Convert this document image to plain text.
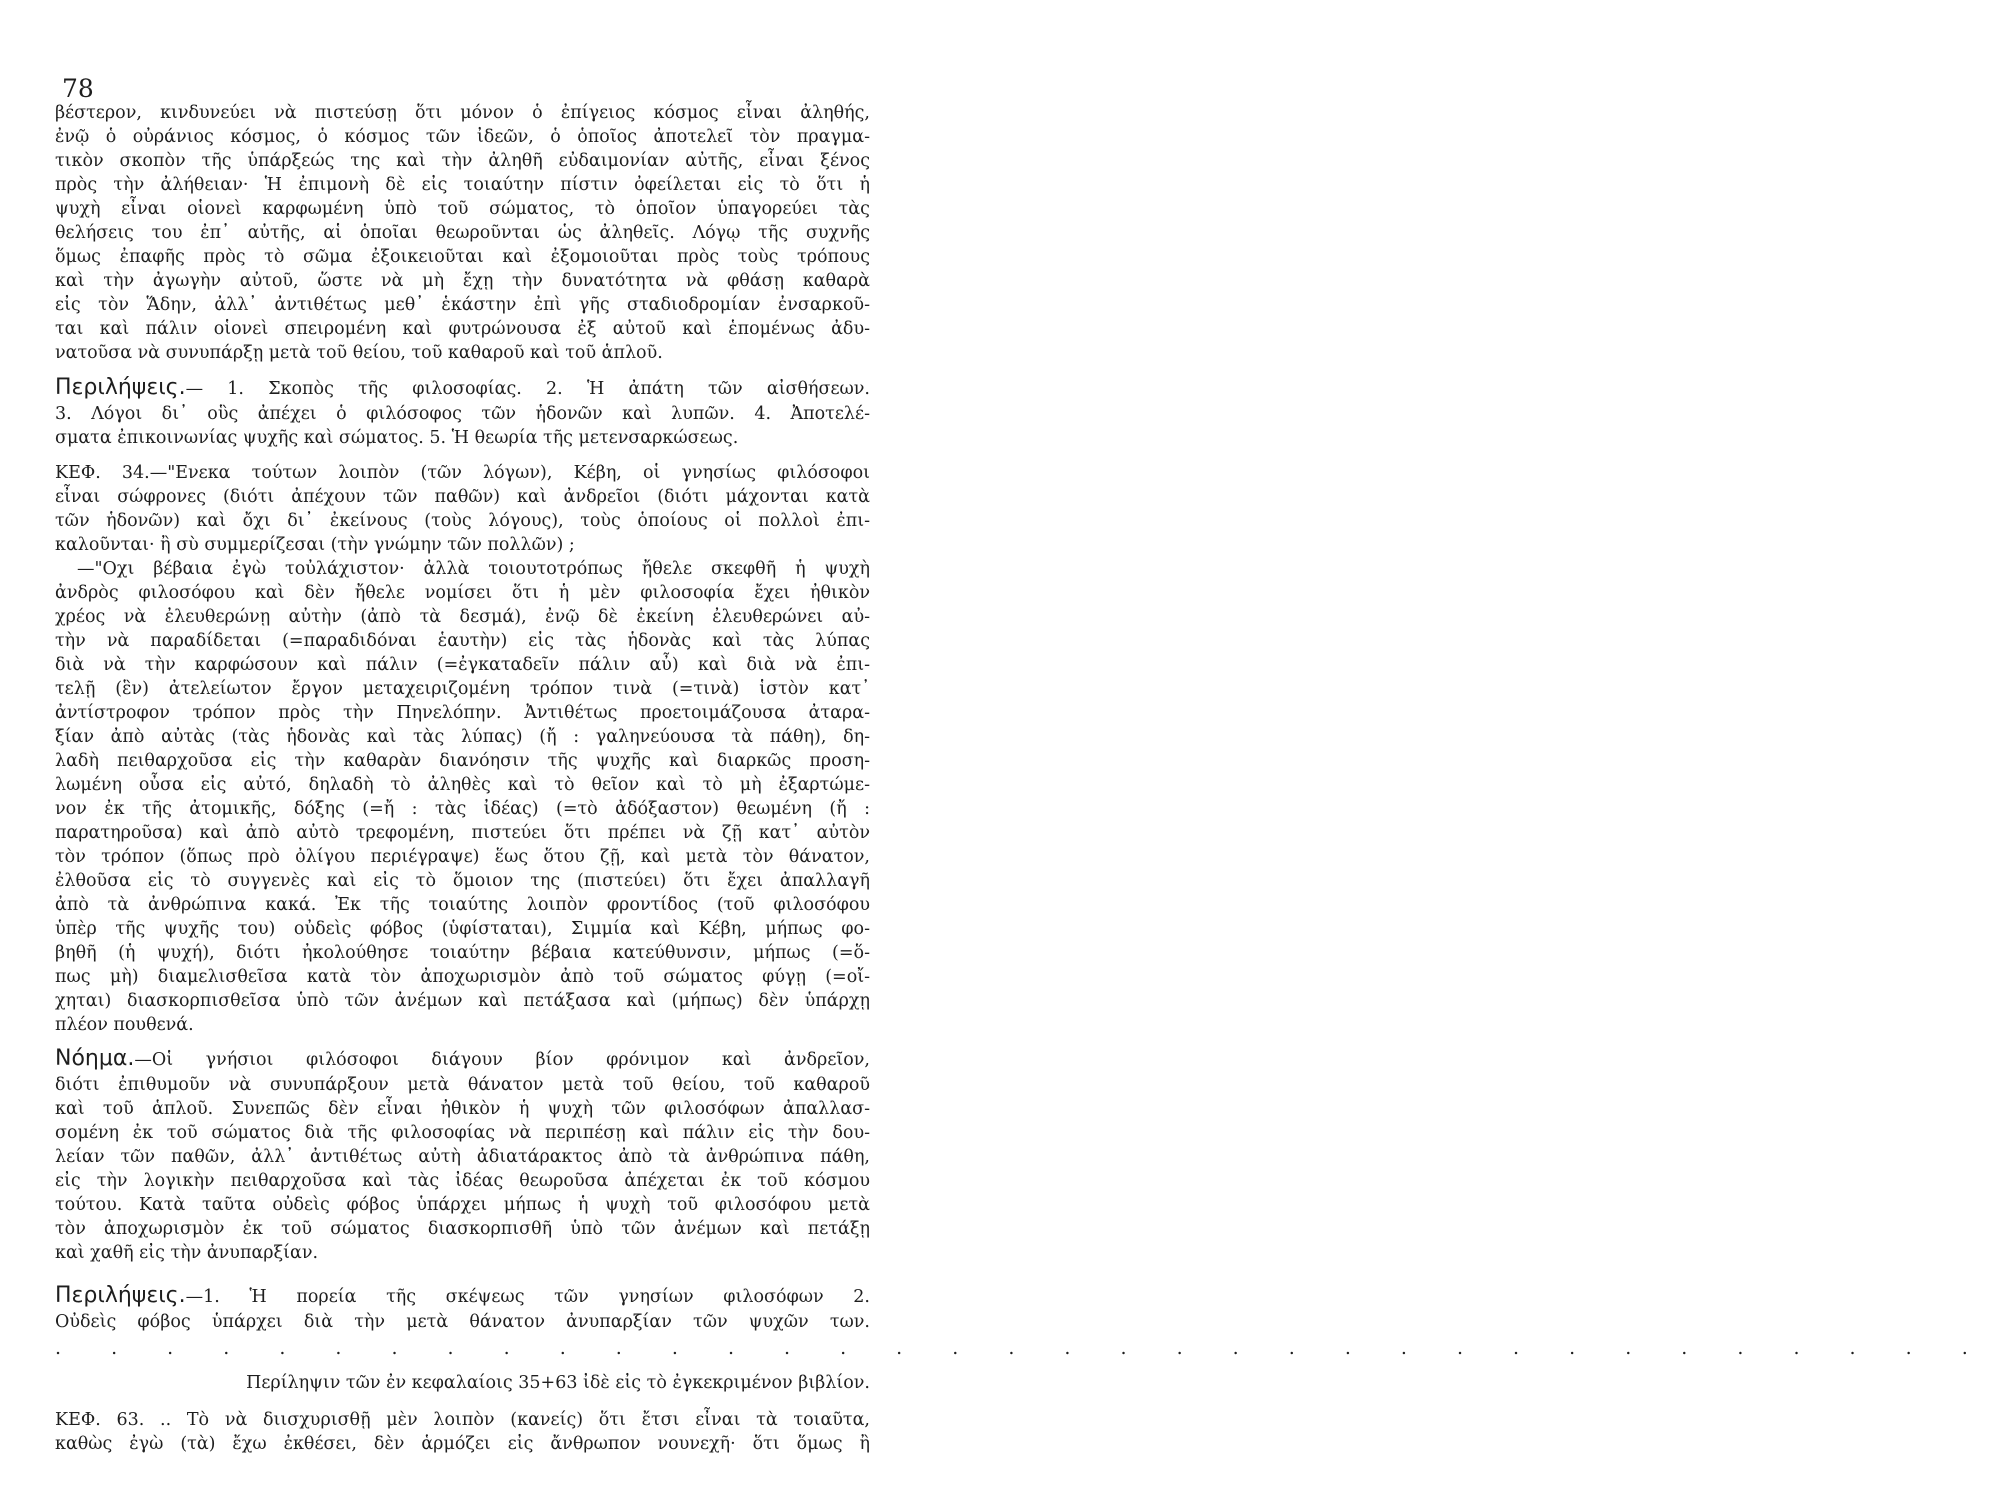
78
βέστερον, κινδυνεύει νὰ πιστεύσῃ ὅτι μόνον ὁ ἐπίγειος κόσμος εἶναι ἀληθής,
ἐνῷ ὁ οὐράνιος κόσμος, ὁ κόσμος τῶν ἰδεῶν, ὁ ὁποῖος ἀποτελεῖ τὸν πραγμα-
τικὸν σκοπὸν τῆς ὑπάρξεώς της καὶ τὴν ἀληθῆ εὐδαιμονίαν αὐτῆς, εἶναι ξένος
πρὸς τὴν ἀλήθειαν· Ἡ ἐπιμονὴ δὲ εἰς τοιαύτην πίστιν ὀφείλεται εἰς τὸ ὅτι ἡ
ψυχὴ εἶναι οἱονεὶ καρφωμένη ὑπὸ τοῦ σώματος, τὸ ὁποῖον ὑπαγορεύει τὰς
θελήσεις του ἐπ᾽ αὐτῆς, αἱ ὁποῖαι θεωροῦνται ὡς ἀληθεῖς. Λόγῳ τῆς συχνῆς
ὅμως ἐπαφῆς πρὸς τὸ σῶμα ἐξοικειοῦται καὶ ἐξομοιοῦται πρὸς τοὺς τρόπους
καὶ τὴν ἀγωγὴν αὐτοῦ, ὥστε νὰ μὴ ἔχῃ τὴν δυνατότητα νὰ φθάσῃ καθαρὰ
εἰς τὸν Ἅδην, ἀλλ᾽ ἀντιθέτως μεθ᾽ ἑκάστην ἐπὶ γῆς σταδιοδρομίαν ἐνσαρκοῦ-
ται καὶ πάλιν οἱονεὶ σπειρομένη καὶ φυτρώνουσα ἐξ αὐτοῦ καὶ ἑπομένως ἀδυ-
νατοῦσα νὰ συνυπάρξῃ μετὰ τοῦ θείου, τοῦ καθαροῦ καὶ τοῦ ἁπλοῦ.
Περιλήψεις.— 1. Σκοπὸς τῆς φιλοσοφίας. 2. Ἡ ἀπάτη τῶν αἰσθήσεων.
3. Λόγοι δι᾽ οὓς ἀπέχει ὁ φιλόσοφος τῶν ἡδονῶν καὶ λυπῶν. 4. Ἀποτελέ-
σματα ἐπικοινωνίας ψυχῆς καὶ σώματος. 5. Ἡ θεωρία τῆς μετενσαρκώσεως.
ΚΕΦ. 34.—"Ενεκα τούτων λοιπὸν (τῶν λόγων), Κέβη, οἱ γνησίως φιλόσοφοι
εἶναι σώφρονες (διότι ἀπέχουν τῶν παθῶν) καὶ ἀνδρεῖοι (διότι μάχονται κατὰ
τῶν ἡδονῶν) καὶ ὄχι δι᾽ ἐκείνους (τοὺς λόγους), τοὺς ὁποίους οἱ πολλοὶ ἐπι-
καλοῦνται· ἢ σὺ συμμερίζεσαι (τὴν γνώμην τῶν πολλῶν) ;
—"Οχι βέβαια ἐγὼ τοὐλάχιστον· ἀλλὰ τοιουτοτρόπως ἤθελε σκεφθῆ ἡ ψυχὴ
ἀνδρὸς φιλοσόφου καὶ δὲν ἤθελε νομίσει ὅτι ἡ μὲν φιλοσοφία ἔχει ἠθικὸν
χρέος νὰ ἐλευθερώνῃ αὐτὴν (ἀπὸ τὰ δεσμά), ἐνῷ δὲ ἐκείνη ἐλευθερώνει αὐ-
τὴν νὰ παραδίδεται (=παραδιδόναι ἑαυτὴν) εἰς τὰς ἡδονὰς καὶ τὰς λύπας
διὰ νὰ τὴν καρφώσουν καὶ πάλιν (=ἐγκαταδεῖν πάλιν αὖ) καὶ διὰ νὰ ἐπι-
τελῇ (ἓν) ἀτελείωτον ἔργον μεταχειριζομένη τρόπον τινὰ (=τινὰ) ἱστὸν κατ᾽
ἀντίστροφον τρόπον πρὸς τὴν Πηνελόπην. Ἀντιθέτως προετοιμάζουσα ἀταρα-
ξίαν ἀπὸ αὐτὰς (τὰς ἡδονὰς καὶ τὰς λύπας) (ἤ : γαληνεύουσα τὰ πάθη), δη-
λαδὴ πειθαρχοῦσα εἰς τὴν καθαρὰν διανόησιν τῆς ψυχῆς καὶ διαρκῶς προση-
λωμένη οὖσα εἰς αὐτό, δηλαδὴ τὸ ἀληθὲς καὶ τὸ θεῖον καὶ τὸ μὴ ἐξαρτώμε-
νον ἐκ τῆς ἀτομικῆς, δόξης (=ἤ : τὰς ἰδέας) (=τὸ ἀδόξαστον) θεωμένη (ἤ :
παρατηροῦσα) καὶ ἀπὸ αὐτὸ τρεφομένη, πιστεύει ὅτι πρέπει νὰ ζῇ κατ᾽ αὐτὸν
τὸν τρόπον (ὅπως πρὸ ὀλίγου περιέγραψε) ἕως ὅτου ζῇ, καὶ μετὰ τὸν θάνατον,
ἐλθοῦσα εἰς τὸ συγγενὲς καὶ εἰς τὸ ὅμοιον της (πιστεύει) ὅτι ἔχει ἀπαλλαγῆ
ἀπὸ τὰ ἀνθρώπινα κακά. Ἐκ τῆς τοιαύτης λοιπὸν φροντίδος (τοῦ φιλοσόφου
ὑπὲρ τῆς ψυχῆς του) οὐδεὶς φόβος (ὑφίσταται), Σιμμία καὶ Κέβη, μήπως φο-
βηθῆ (ἡ ψυχή), διότι ἠκολούθησε τοιαύτην βέβαια κατεύθυνσιν, μήπως (=ὅ-
πως μὴ) διαμελισθεῖσα κατὰ τὸν ἀποχωρισμὸν ἀπὸ τοῦ σώματος φύγῃ (=οἴ-
χηται) διασκορπισθεῖσα ὑπὸ τῶν ἀνέμων καὶ πετάξασα καὶ (μήπως) δὲν ὑπάρχῃ
πλέον πουθενά.
Νόημα.—Οἱ γνήσιοι φιλόσοφοι διάγουν βίον φρόνιμον καὶ ἀνδρεῖον,
διότι ἐπιθυμοῦν νὰ συνυπάρξουν μετὰ θάνατον μετὰ τοῦ θείου, τοῦ καθαροῦ
καὶ τοῦ ἁπλοῦ. Συνεπῶς δὲν εἶναι ἠθικὸν ἡ ψυχὴ τῶν φιλοσόφων ἀπαλλασ-
σομένη ἐκ τοῦ σώματος διὰ τῆς φιλοσοφίας νὰ περιπέσῃ καὶ πάλιν εἰς τὴν δου-
λείαν τῶν παθῶν, ἀλλ᾽ ἀντιθέτως αὐτὴ ἀδιατάρακτος ἀπὸ τὰ ἀνθρώπινα πάθη,
εἰς τὴν λογικὴν πειθαρχοῦσα καὶ τὰς ἰδέας θεωροῦσα ἀπέχεται ἐκ τοῦ κόσμου
τούτου. Κατὰ ταῦτα οὐδεὶς φόβος ὑπάρχει μήπως ἡ ψυχὴ τοῦ φιλοσόφου μετὰ
τὸν ἀποχωρισμὸν ἐκ τοῦ σώματος διασκορπισθῆ ὑπὸ τῶν ἀνέμων καὶ πετάξῃ
καὶ χαθῆ εἰς τὴν ἀνυπαρξίαν.
Περιλήψεις.—1. Ἡ πορεία τῆς σκέψεως τῶν γνησίων φιλοσόφων 2.
Οὐδεὶς φόβος ὑπάρχει διὰ τὴν μετὰ θάνατον ἀνυπαρξίαν τῶν ψυχῶν των.
. . . . . . . . . . . . . . . . . . . . . . . . . . . . . . . . . . .
Περίληψιν τῶν ἐν κεφαλαίοις 35+63 ἰδὲ εἰς τὸ ἐγκεκριμένον βιβλίον.
ΚΕΦ. 63. .. Τὸ νὰ διισχυρισθῇ μὲν λοιπὸν (κανείς) ὅτι ἔτσι εἶναι τὰ τοιαῦτα,
καθὼς ἐγὼ (τὰ) ἔχω ἐκθέσει, δὲν ἁρμόζει εἰς ἄνθρωπον νουνεχῆ· ὅτι ὅμως ἢ
